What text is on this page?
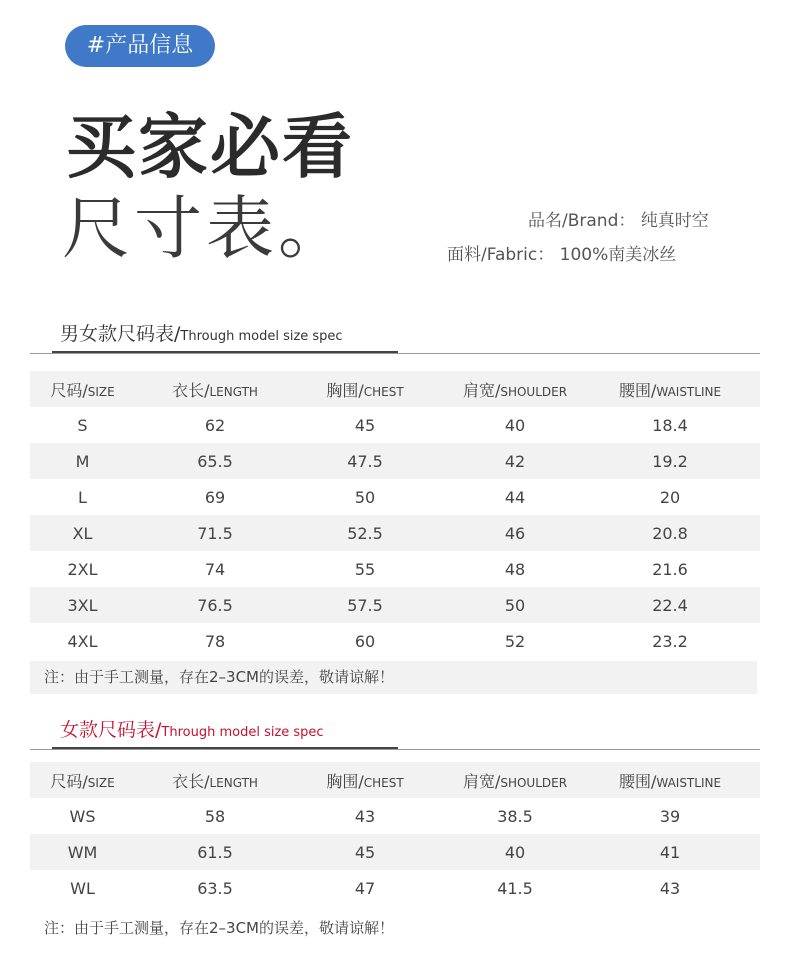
#产品信息
买家必看
尺寸表。	品名/Brand： 纯真时空
面料/Fabric： 100%南美冰丝
男女款尺码表/Through model size spec
尺码/SIZE	衣长/LENGTH	胸围/CHEST	肩宽/SHOULDER	腰围/WAISTLINE
S	62	45	40	18.4
M	65.5	47.5	42	19.2
L	69	50	44	20
XL	71.5	52.5	46	20.8
2XL	74	55	48	21.6
3XL	76.5	57.5	50	22.4
4XL	78	60	52	23.2
注：由于手工测量，存在2–3CM的误差，敬请谅解！
女款尺码表/Through model size spec
尺码/SIZE	衣长/LENGTH	胸围/CHEST	肩宽/SHOULDER	腰围/WAISTLINE
WS	58	43	38.5	39
WM	61.5	45	40	41
WL	63.5	47	41.5	43
注：由于手工测量，存在2–3CM的误差，敬请谅解！
